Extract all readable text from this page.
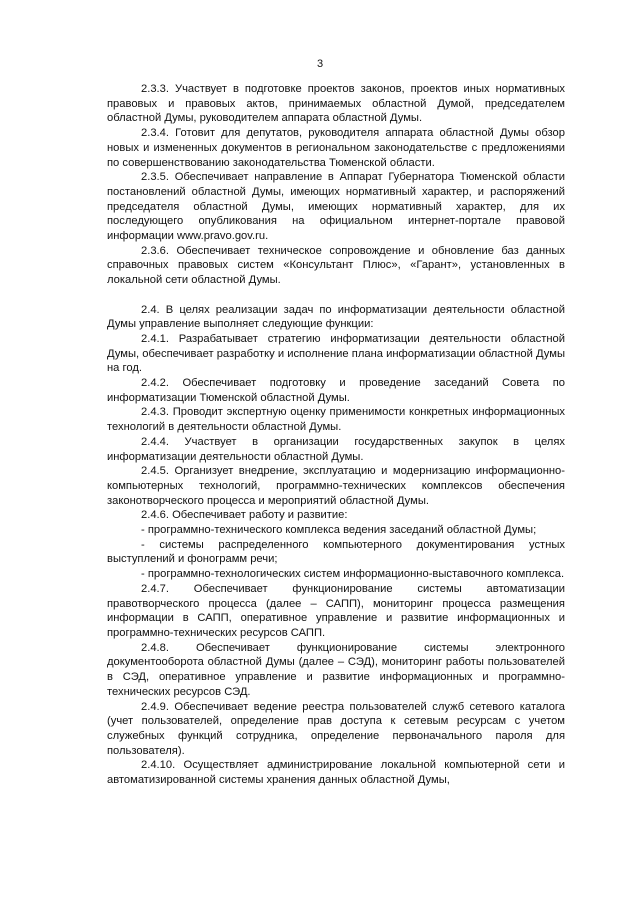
3

2.3.3. Участвует в подготовке проектов законов, проектов иных нормативных правовых и правовых актов, принимаемых областной Думой, председателем областной Думы, руководителем аппарата областной Думы.

2.3.4. Готовит для депутатов, руководителя аппарата областной Думы обзор новых и измененных документов в региональном законодательстве с предложениями по совершенствованию законодательства Тюменской области.

2.3.5. Обеспечивает направление в Аппарат Губернатора Тюменской области постановлений областной Думы, имеющих нормативный характер, и распоряжений председателя областной Думы, имеющих нормативный характер, для их последующего опубликования на официальном интернет-портале правовой информации www.pravo.gov.ru.

2.3.6. Обеспечивает техническое сопровождение и обновление баз данных справочных правовых систем «Консультант Плюс», «Гарант», установленных в локальной сети областной Думы.

2.4. В целях реализации задач по информатизации деятельности областной Думы управление выполняет следующие функции:

2.4.1. Разрабатывает стратегию информатизации деятельности областной Думы, обеспечивает разработку и исполнение плана информатизации областной Думы на год.

2.4.2. Обеспечивает подготовку и проведение заседаний Совета по информатизации Тюменской областной Думы.

2.4.3. Проводит экспертную оценку применимости конкретных информационных технологий в деятельности областной Думы.

2.4.4. Участвует в организации государственных закупок в целях информатизации деятельности областной Думы.

2.4.5. Организует внедрение, эксплуатацию и модернизацию информационно-компьютерных технологий, программно-технических комплексов обеспечения законотворческого процесса и мероприятий областной Думы.

2.4.6. Обеспечивает работу и развитие:

- программно-технического комплекса ведения заседаний областной Думы;

- системы распределенного компьютерного документирования устных выступлений и фонограмм речи;

- программно-технологических систем информационно-выставочного комплекса.

2.4.7. Обеспечивает функционирование системы автоматизации правотворческого процесса (далее – САПП), мониторинг процесса размещения информации в САПП, оперативное управление и развитие информационных и программно-технических ресурсов САПП.

2.4.8. Обеспечивает функционирование системы электронного документооборота областной Думы (далее – СЭД), мониторинг работы пользователей в СЭД, оперативное управление и развитие информационных и программно-технических ресурсов СЭД.

2.4.9. Обеспечивает ведение реестра пользователей служб сетевого каталога (учет пользователей, определение прав доступа к сетевым ресурсам с учетом служебных функций сотрудника, определение первоначального пароля для пользователя).

2.4.10. Осуществляет администрирование локальной компьютерной сети и автоматизированной системы хранения данных областной Думы,
